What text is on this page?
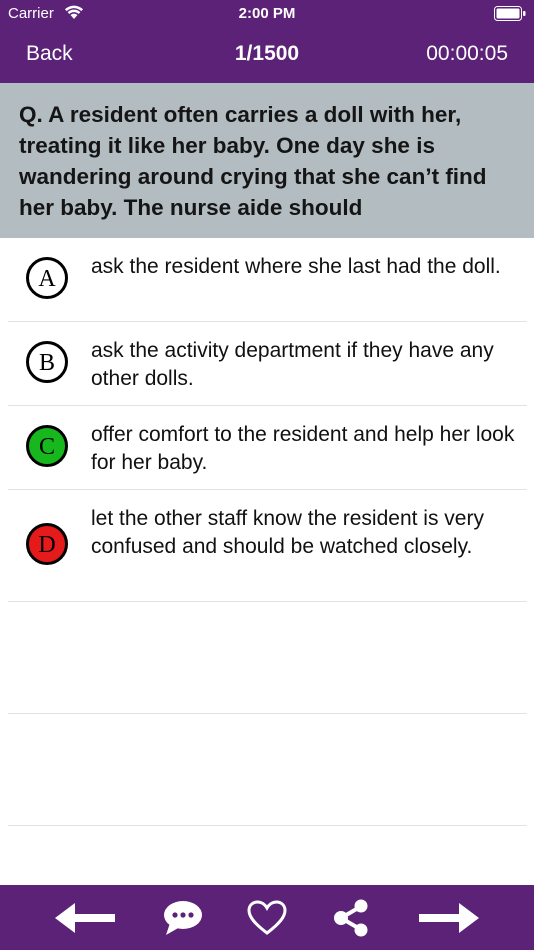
Carrier	2:00 PM
Back	1/1500	00:00:05
Q. A resident often carries a doll with her, treating it like her baby. One day she is wandering around crying that she can’t find her baby. The nurse aide should
A ask the resident where she last had the doll.
B ask the activity department if they have any other dolls.
C offer comfort to the resident and help her look for her baby.
D
let the other staff know the resident is very confused and should be watched closely.
